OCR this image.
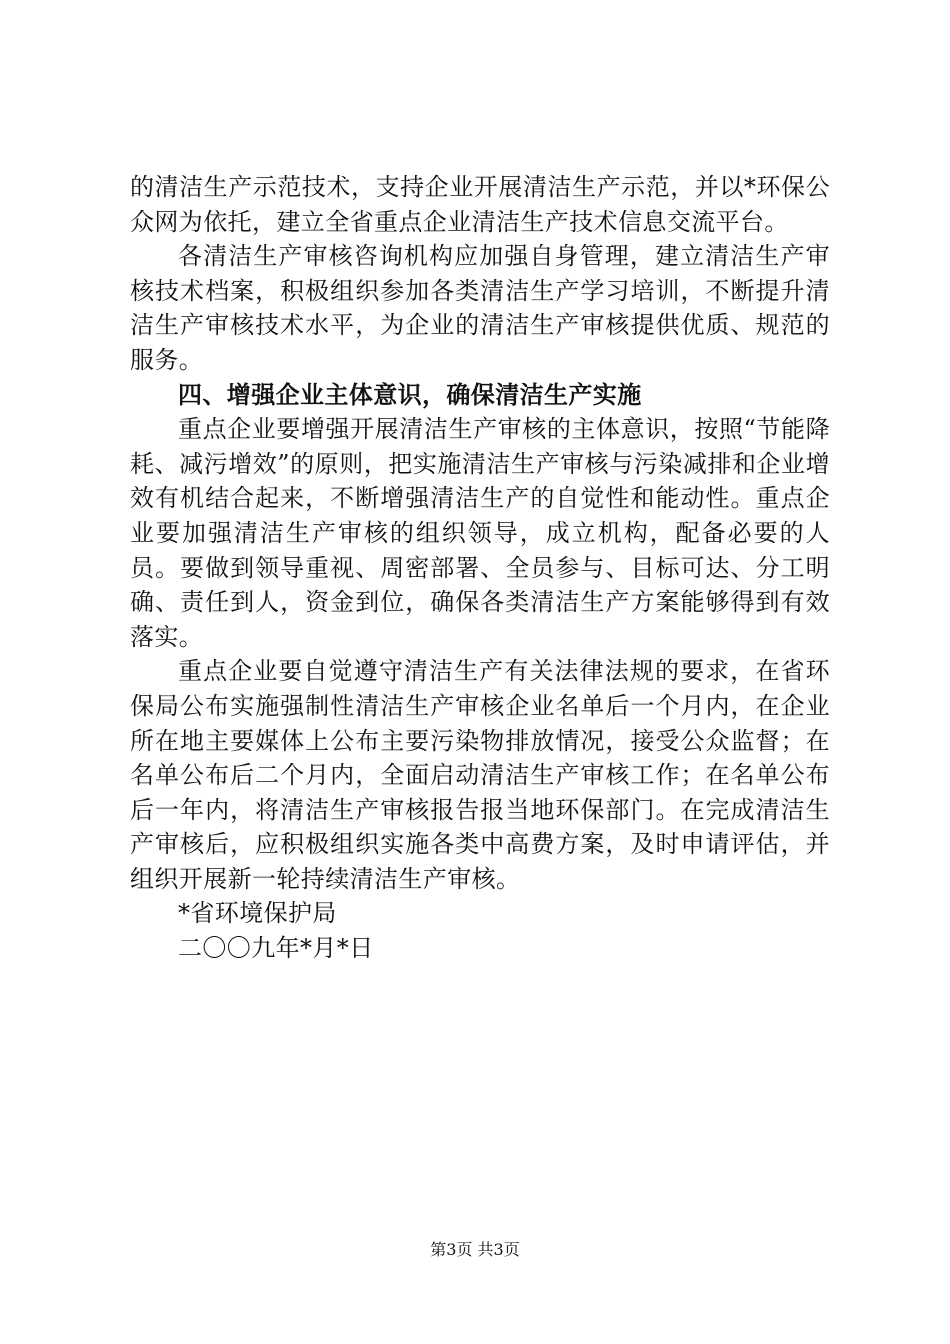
的清洁生产示范技术，支持企业开展清洁生产示范，并以*环保公众网为依托，建立全省重点企业清洁生产技术信息交流平台。

各清洁生产审核咨询机构应加强自身管理，建立清洁生产审核技术档案，积极组织参加各类清洁生产学习培训，不断提升清洁生产审核技术水平，为企业的清洁生产审核提供优质、规范的服务。

四、增强企业主体意识，确保清洁生产实施

重点企业要增强开展清洁生产审核的主体意识，按照“节能降耗、减污增效”的原则，把实施清洁生产审核与污染减排和企业增效有机结合起来，不断增强清洁生产的自觉性和能动性。重点企业要加强清洁生产审核的组织领导，成立机构，配备必要的人员。要做到领导重视、周密部署、全员参与、目标可达、分工明确、责任到人，资金到位，确保各类清洁生产方案能够得到有效落实。

重点企业要自觉遵守清洁生产有关法律法规的要求，在省环保局公布实施强制性清洁生产审核企业名单后一个月内，在企业所在地主要媒体上公布主要污染物排放情况，接受公众监督；在名单公布后二个月内，全面启动清洁生产审核工作；在名单公布后一年内，将清洁生产审核报告报当地环保部门。在完成清洁生产审核后，应积极组织实施各类中高费方案，及时申请评估，并组织开展新一轮持续清洁生产审核。

*省环境保护局

二〇〇九年*月*日

第3页 共3页
